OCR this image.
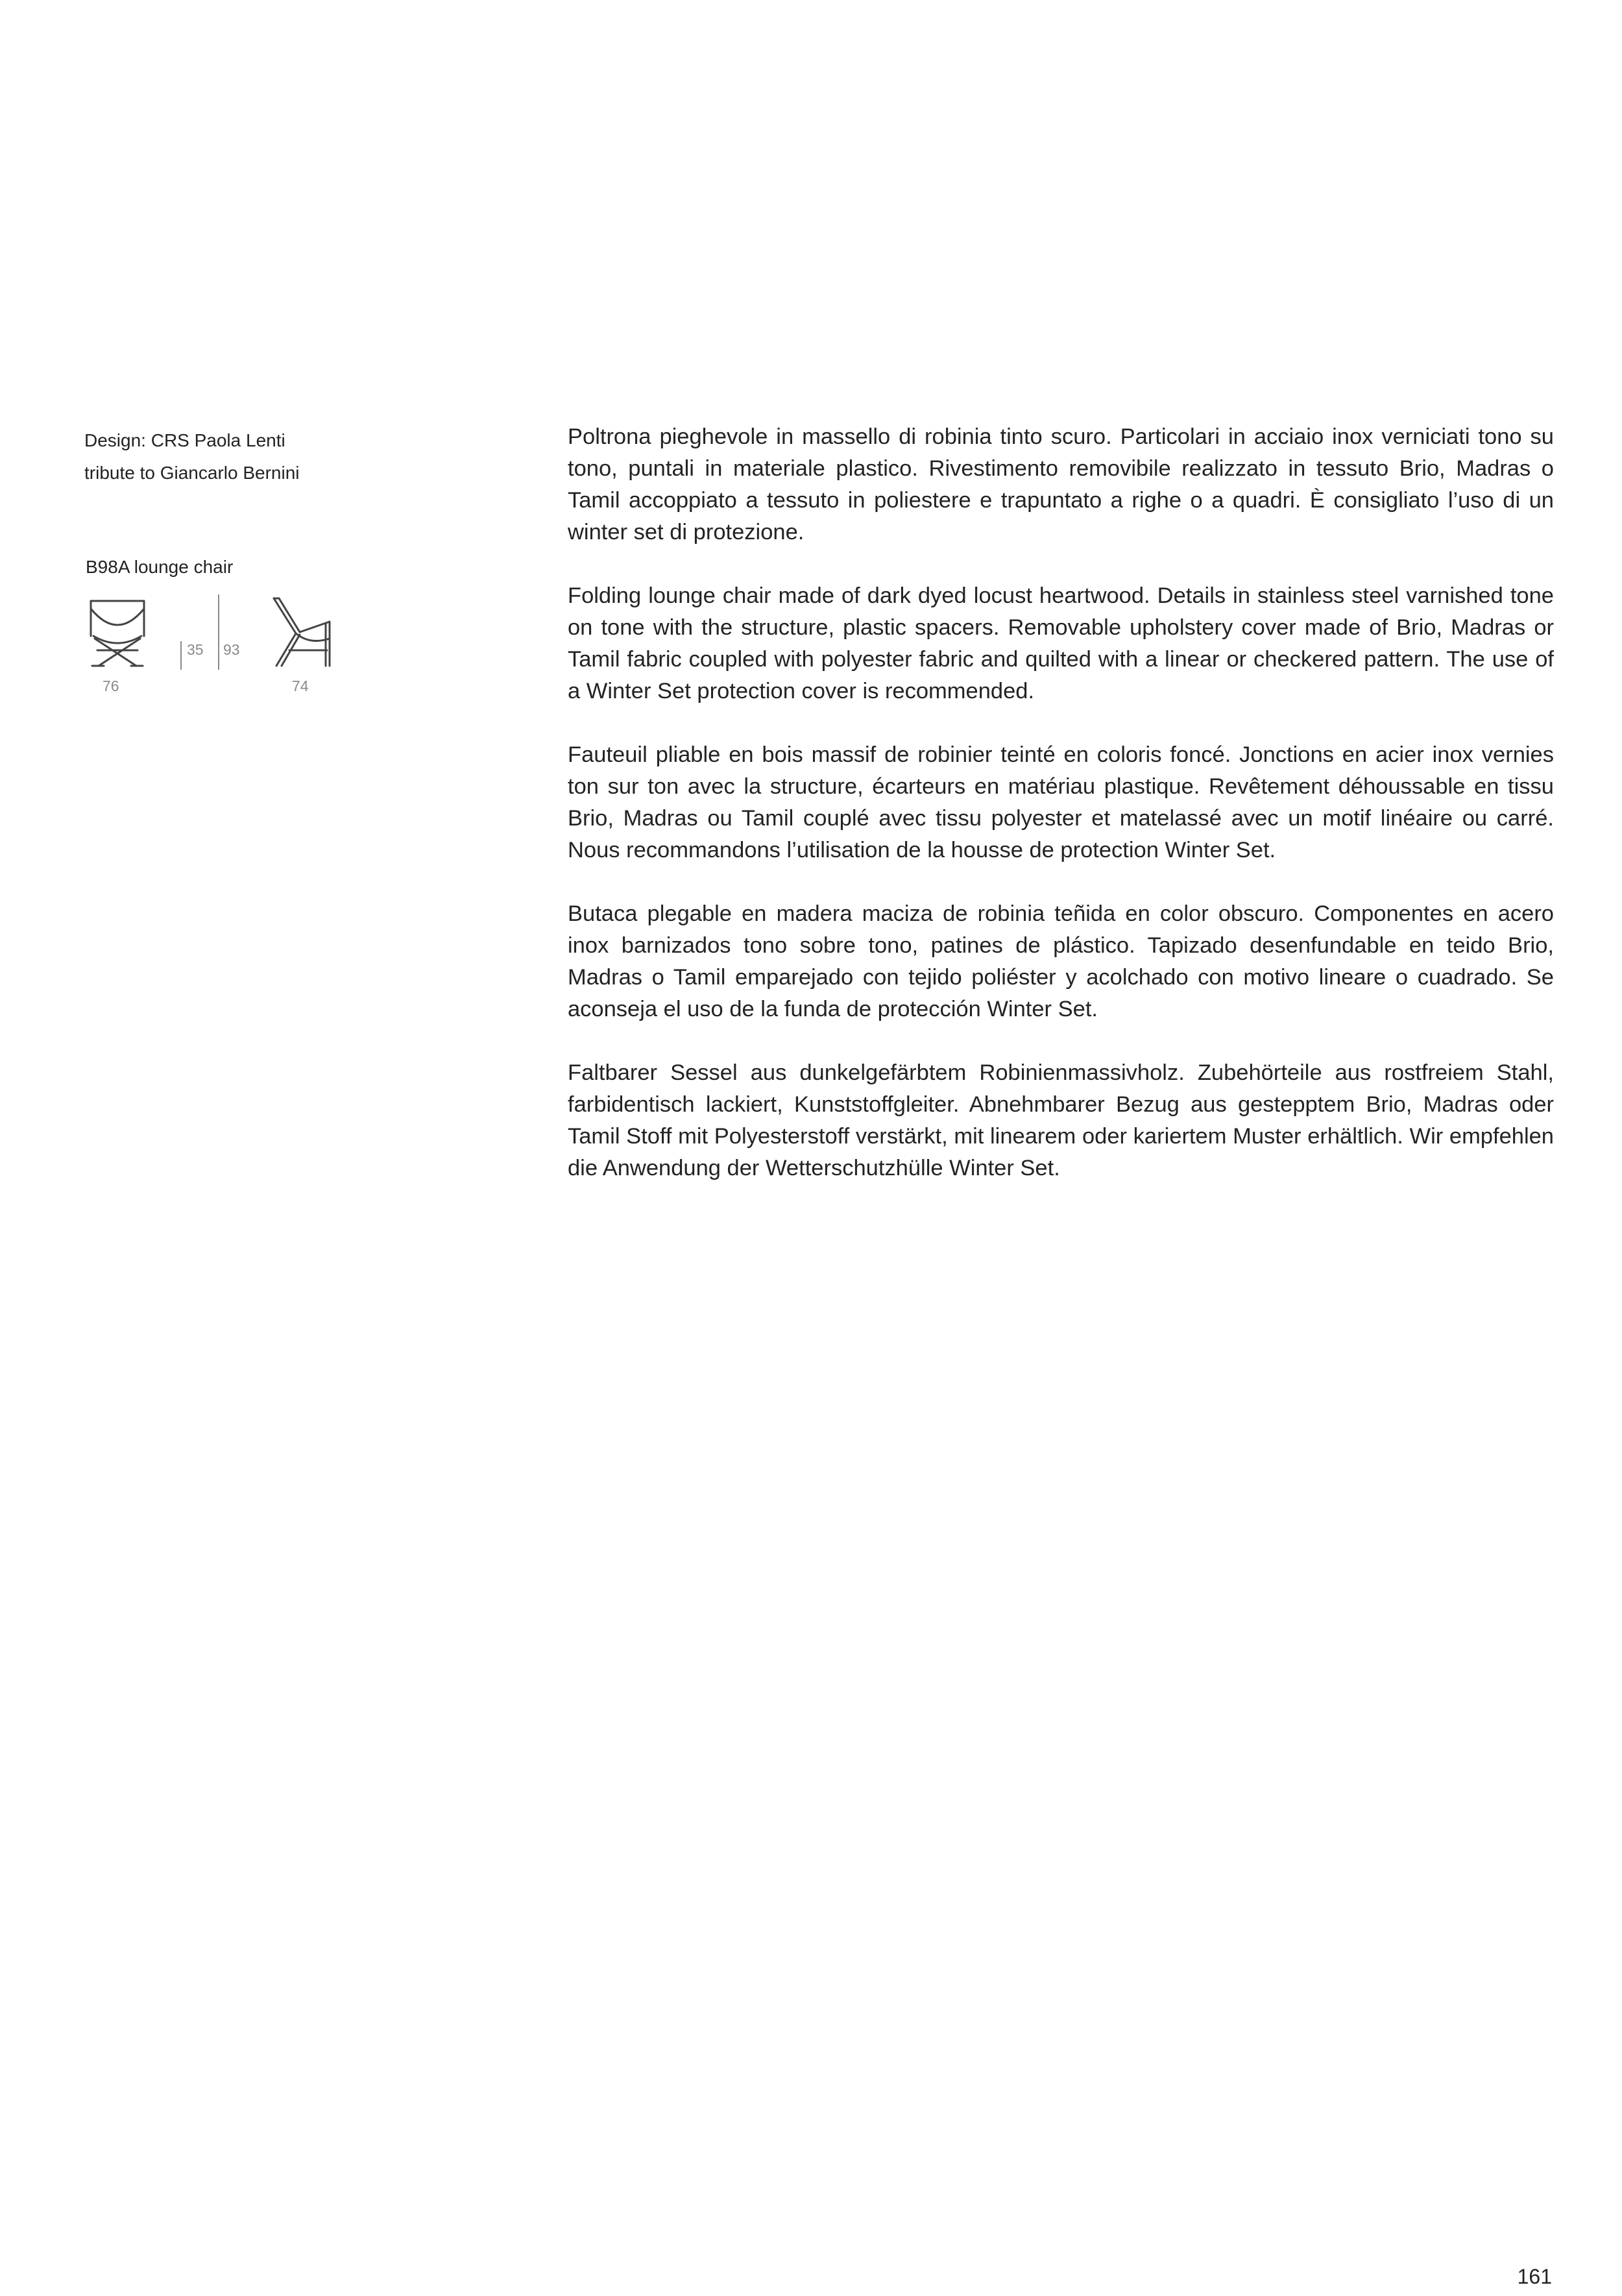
Design: CRS Paola Lenti

tribute to Giancarlo Bernini

B98A lounge chair

76
35 93
74

Poltrona pieghevole in massello di robinia tinto scuro. Particolari in acciaio inox verniciati tono su tono, puntali in materiale plastico. Rivestimento removibile realizzato in tessuto Brio, Madras o Tamil accoppiato a tessuto in poliestere e trapuntato a righe o a quadri. È consigliato l’uso di un winter set di protezione.

Folding lounge chair made of dark dyed locust heartwood. Details in stainless steel varnished tone on tone with the structure, plastic spacers. Removable upholstery cover made of Brio, Madras or Tamil fabric coupled with polyester fabric and quilted with a linear or checkered pattern. The use of a Winter Set protection cover is recommended.

Fauteuil pliable en bois massif de robinier teinté en coloris foncé. Jonctions en acier inox vernies ton sur ton avec la structure, écarteurs en matériau plastique. Revêtement déhoussable en tissu Brio, Madras ou Tamil couplé avec tissu polyester et matelassé avec un motif linéaire ou carré. Nous recommandons l’utilisation de la housse de protection Winter Set.

Butaca plegable en madera maciza de robinia teñida en color obscuro. Componentes en acero inox barnizados tono sobre tono, patines de plástico. Tapizado desenfundable en teido Brio, Madras o Tamil emparejado con tejido poliéster y acolchado con motivo lineare o cuadrado. Se aconseja el uso de la funda de protección Winter Set.

Faltbarer Sessel aus dunkelgefärbtem Robinienmassivholz. Zubehörteile aus rostfreiem Stahl, farbidentisch lackiert, Kunststoffgleiter. Abnehmbarer Bezug aus gestepptem Brio, Madras oder Tamil Stoff mit Polyesterstoff verstärkt, mit linearem oder kariertem Muster erhältlich. Wir empfehlen die Anwendung der Wetterschutzhülle Winter Set.

161
